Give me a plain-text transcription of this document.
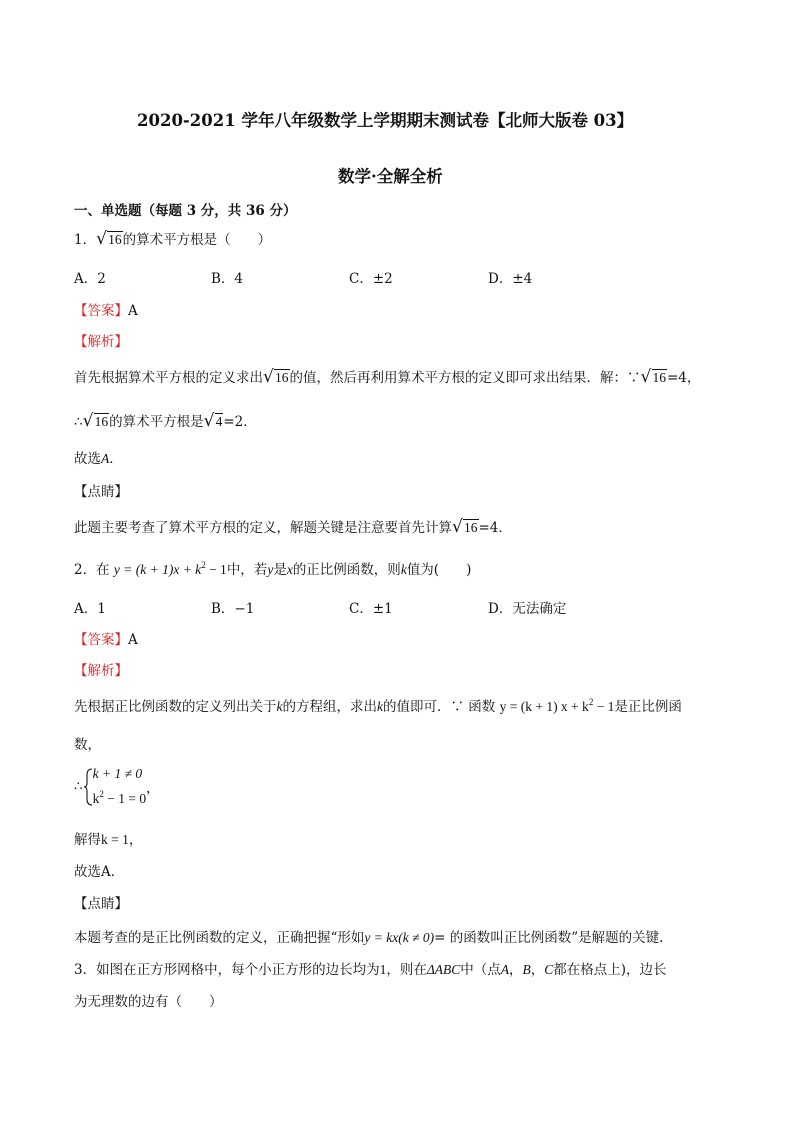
2020-2021 学年八年级数学上学期期末测试卷【北师大版卷 03】
数学·全解全析
一、单选题（每题 3 分，共 36 分）
1． √ 16的算术平方根是（　　）
A．2	B．4	C．±2	D．±4
【答案】A
【解析】
首先根据算术平方根的定义求出 √ 16的值，然后再利用算术平方根的定义即可求出结果．解：∵ √ 16=4，
∴ √ 16的算术平方根是 √ 4=2．
故选A．
【点睛】
此题主要考查了算术平方根的定义，解题关键是注意要首先计算 √ 16=4．
2．在 $y = (k + 1)x + k^2 - 1$中，若y是x的正比例函数，则k值为(　　)
A．1	B．−1	C．±1	D．无法确定
【答案】A
【解析】
先根据正比例函数的定义列出关于k的方程组，求出k的值即可．∵ 函数 y = (k + 1) $x + k^2 - 1$是正比例函
数，
∴k + 1 ≠ 0
$k^2 - 1 = 0$，
解得k = 1，
故选A．
【点睛】
本题考查的是正比例函数的定义，正确把握“形如y = kx(k ≠ 0)= 的函数叫正比例函数”是解题的关键.
3．如图在正方形网格中，每个小正方形的边长均为1，则在ΔABC中（点A，B，C都在格点上)，边长
为无理数的边有（　　）
